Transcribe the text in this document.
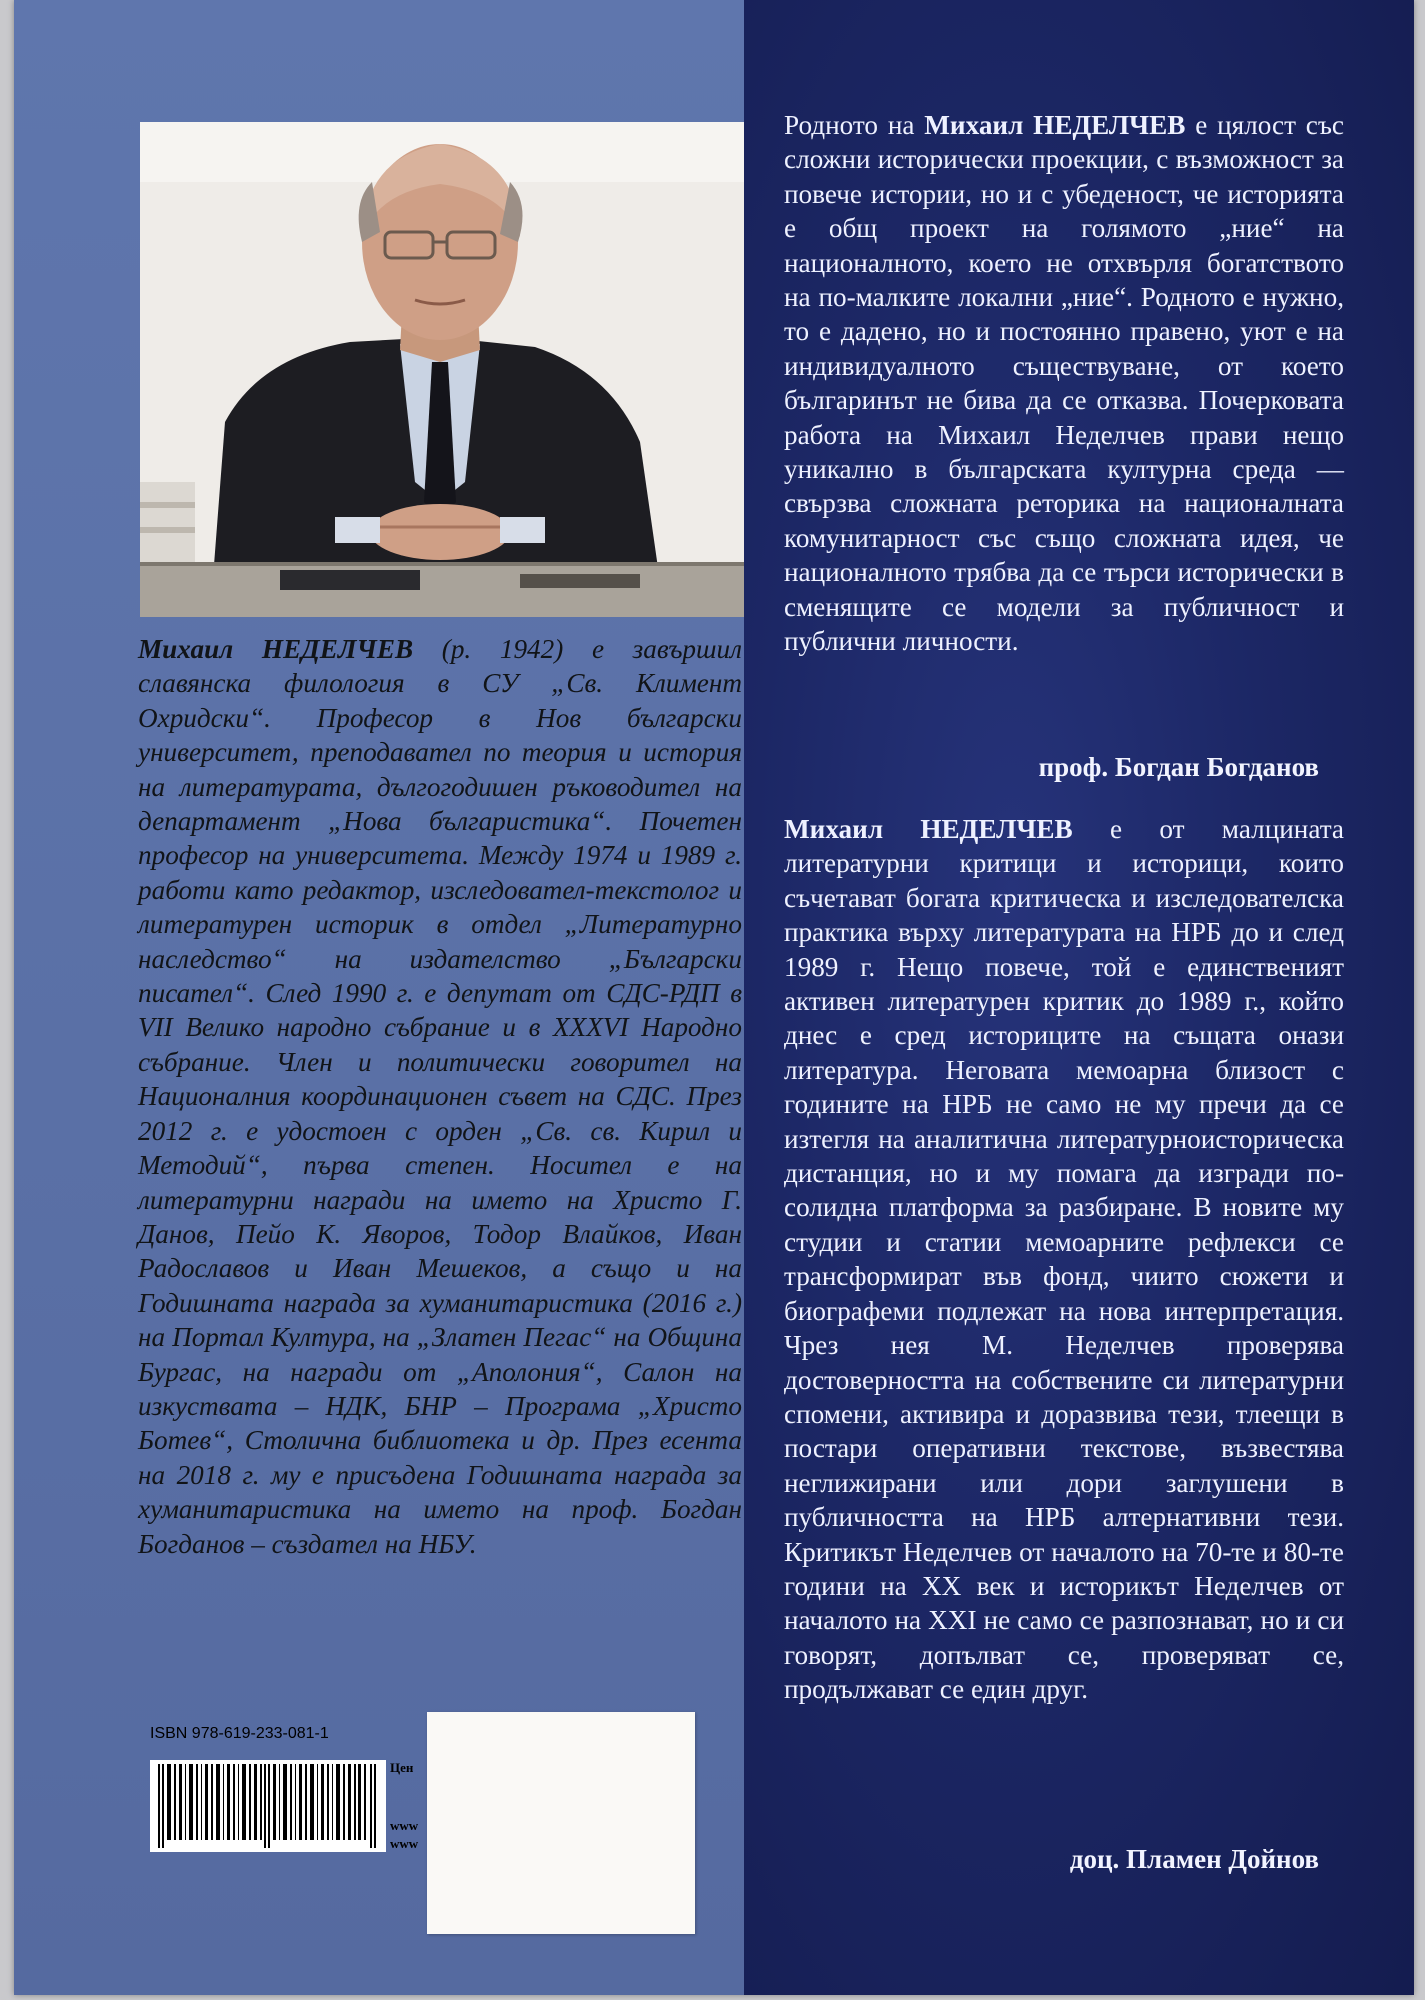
Михаил НЕДЕЛЧЕВ (р. 1942) е завършил славянска филология в СУ „Св. Климент Охридски“. Професор в Нов български университет, преподавател по теория и история на литературата, дългогодишен ръководител на департамент „Нова българистика“. Почетен професор на университета. Между 1974 и 1989 г. работи като редактор, изследовател-текстолог и литературен историк в отдел „Литературно наследство“ на издателство „Български писател“. След 1990 г. е депутат от СДС-РДП в VII Велико народно събрание и в XXXVI Народно събрание. Член и политически говорител на Националния координационен съвет на СДС. През 2012 г. е удостоен с орден „Св. св. Кирил и Методий“, първа степен. Носител е на литературни награди на името на Христо Г. Данов, Пейо К. Яворов, Тодор Влайков, Иван Радославов и Иван Мешеков, а също и на Годишната награда за хуманитаристика (2016 г.) на Портал Култура, на „Златен Пегас“ на Община Бургас, на награди от „Аполония“, Салон на изкуствата – НДК, БНР – Програма „Христо Ботев“, Столична библиотека и др. През есента на 2018 г. му е присъдена Годишната награда за хуманитаристика на името на проф. Богдан Богданов – създател на НБУ.

ISBN 978-619-233-081-1
Цен
www
www

Родното на Михаил НЕДЕЛЧЕВ е цялост със сложни исторически проекции, с възможност за повече истории, но и с убеденост, че историята е общ проект на голямото „ние“ на националното, което не отхвърля богатството на по-малките локални „ние“. Родното е нужно, то е дадено, но и постоянно правено, уют е на индивидуалното съществуване, от което българинът не бива да се отказва. Почерковата работа на Михаил Неделчев прави нещо уникално в българската културна среда — свързва сложната реторика на националната комунитарност със също сложната идея, че националното трябва да се търси исторически в сменящите се модели за публичност и публични личности.

проф. Богдан Богданов

Михаил НЕДЕЛЧЕВ е от малцината литературни критици и историци, които съчетават богата критическа и изследователска практика върху литературата на НРБ до и след 1989 г. Нещо повече, той е единственият активен литературен критик до 1989 г., който днес е сред историците на същата онази литература. Неговата мемоарна близост с годините на НРБ не само не му пречи да се изтегля на аналитична литературноисторическа дистанция, но и му помага да изгради по-солидна платформа за разбиране. В новите му студии и статии мемоарните рефлекси се трансформират във фонд, чиито сюжети и биографеми подлежат на нова интерпретация. Чрез нея М. Неделчев проверява достоверността на собствените си литературни спомени, активира и доразвива тези, тлеещи в постари оперативни текстове, възвестява неглижирани или дори заглушени в публичността на НРБ алтернативни тези. Критикът Неделчев от началото на 70-те и 80-те години на XX век и историкът Неделчев от началото на XXI не само се разпознават, но и си говорят, допълват се, проверяват се, продължават се един друг.

доц. Пламен Дойнов
